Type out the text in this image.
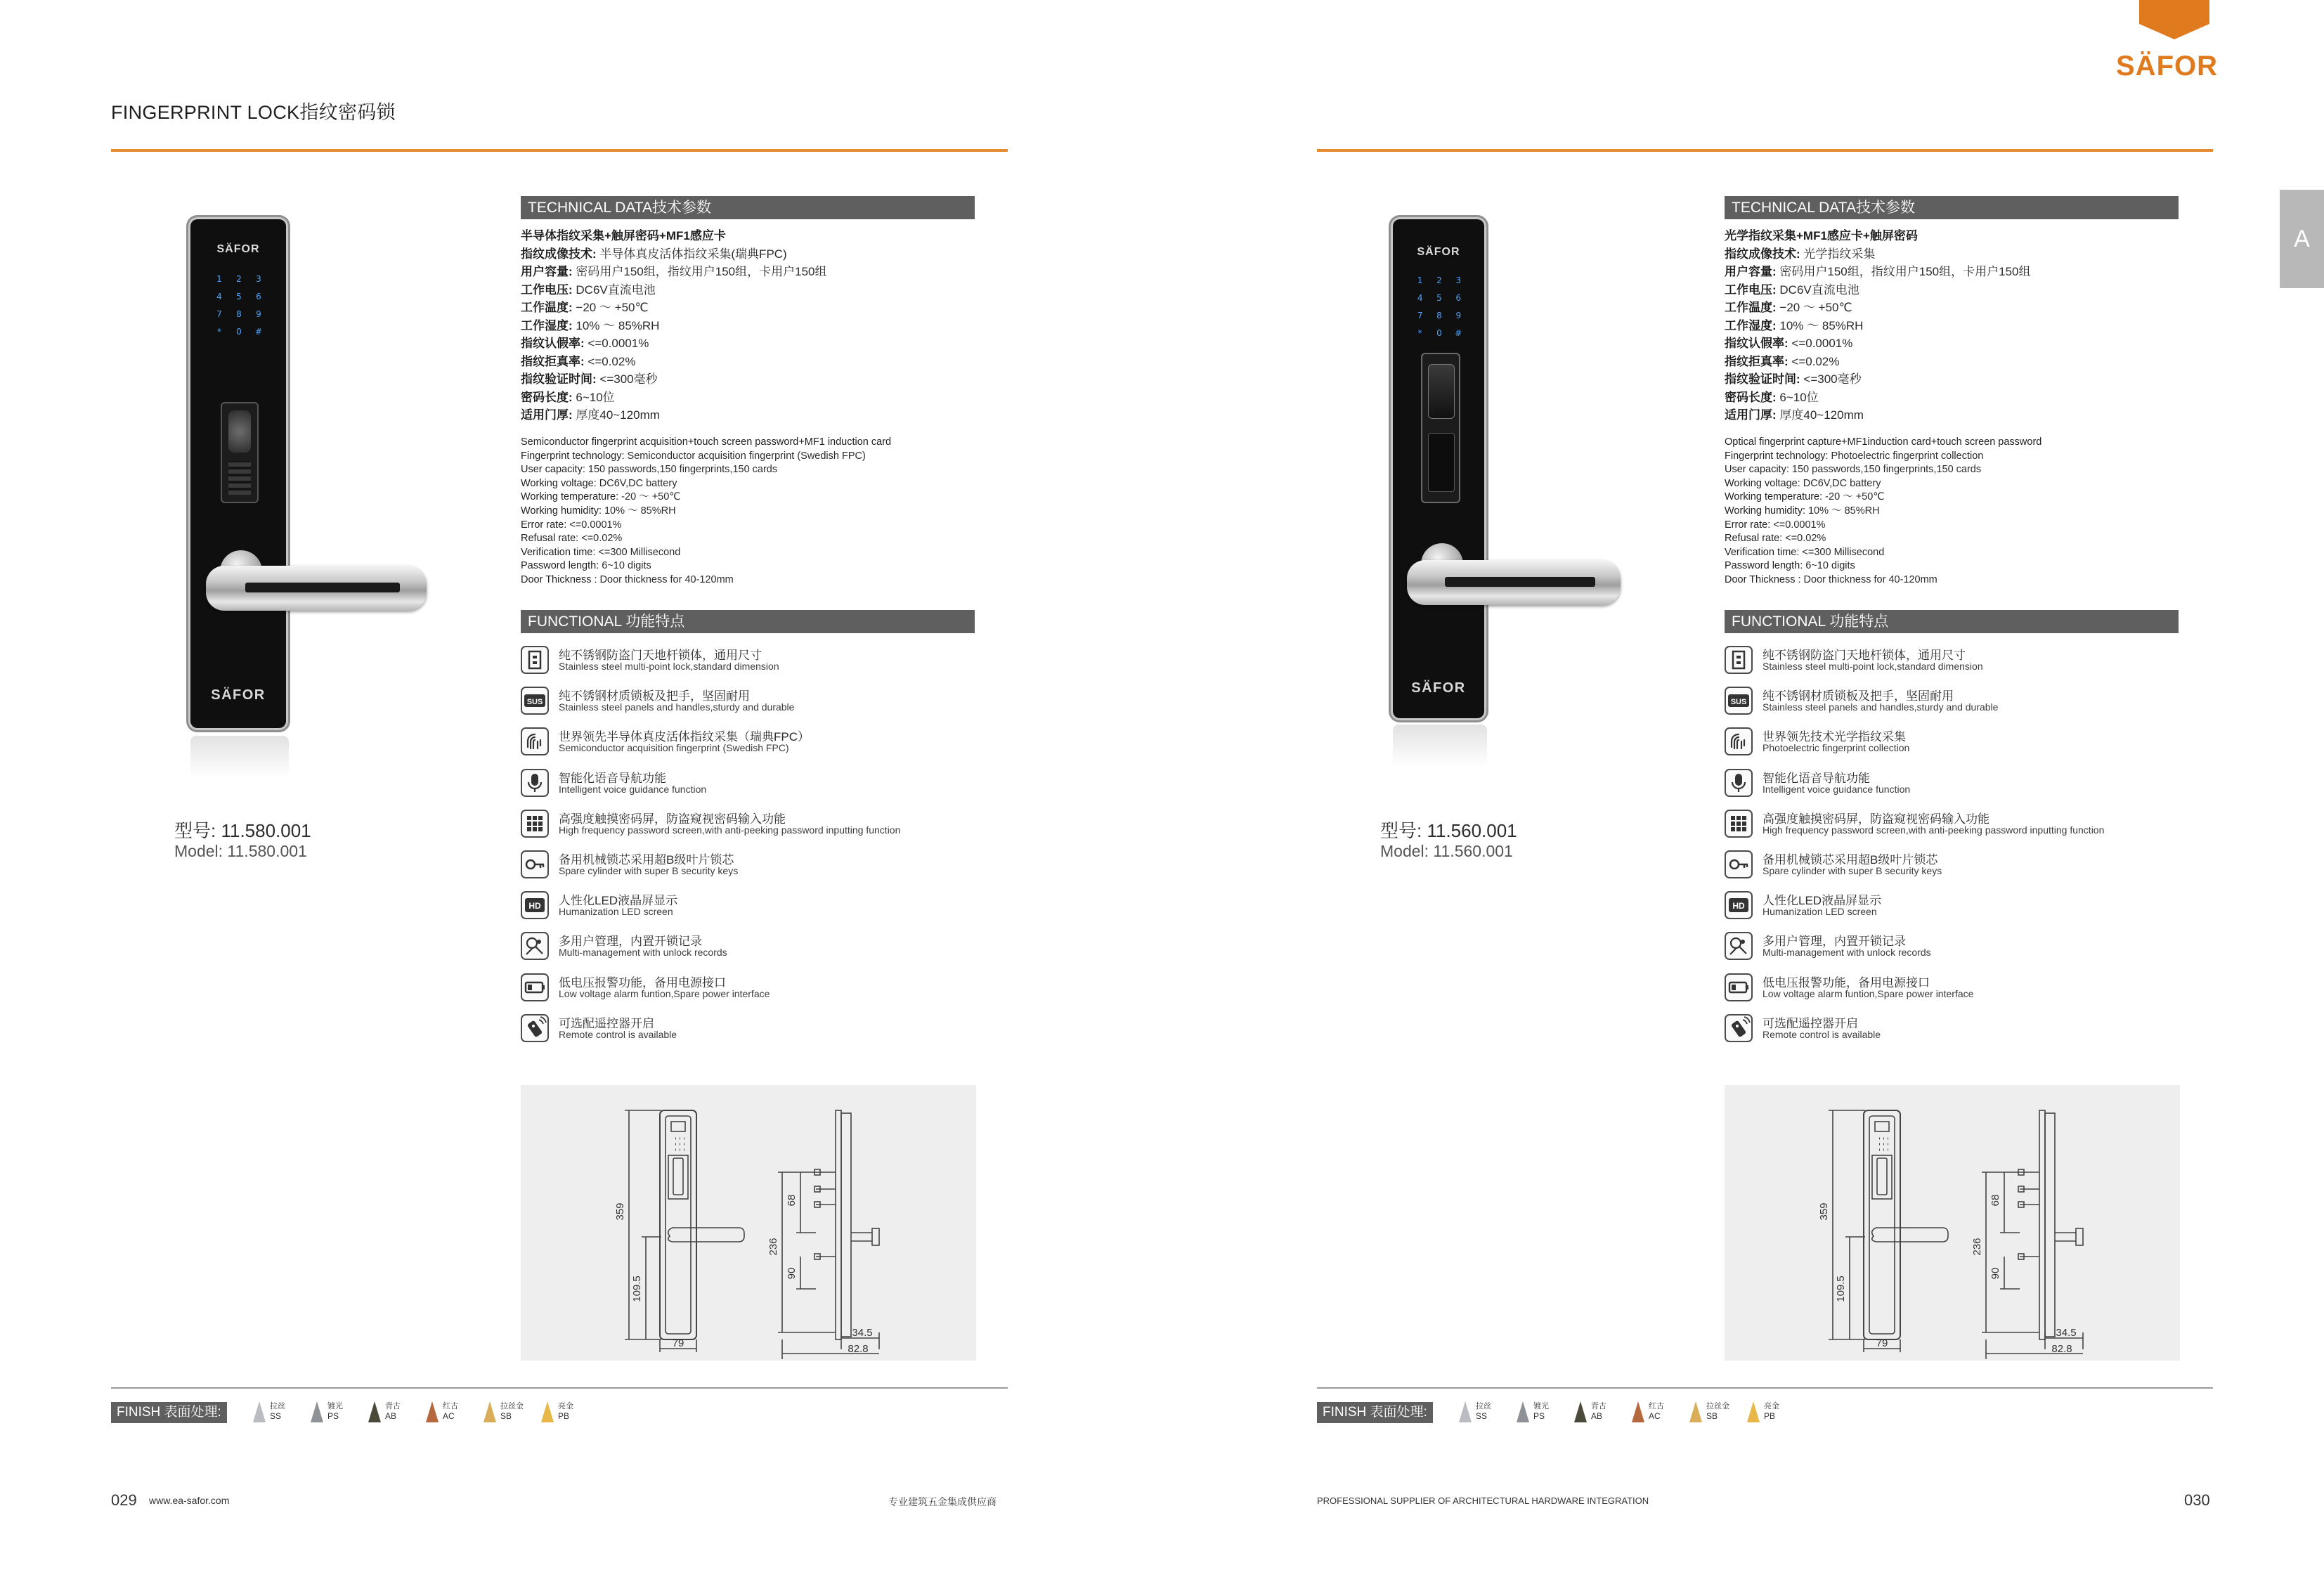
FINGERPRINT LOCK指纹密码锁
SÄFOR
1	2	3
4	5	6
7	8	9
*	0	#
SÄFOR
型号: 11.580.001
Model: 11.580.001
TECHNICAL DATA技术参数
半导体指纹采集+触屏密码+MF1感应卡
指纹成像技术: 半导体真皮活体指纹采集(瑞典FPC)
用户容量: 密码用户150组，指纹用户150组，卡用户150组
工作电压: DC6V直流电池
工作温度: −20 ～ +50℃
工作湿度: 10% ～ 85%RH
指纹认假率: <=0.0001%
指纹拒真率: <=0.02%
指纹验证时间: <=300毫秒
密码长度: 6~10位
适用门厚: 厚度40~120mm
Semiconductor fingerprint acquisition+touch screen password+MF1 induction card
Fingerprint technology: Semiconductor acquisition fingerprint (Swedish FPC)
User capacity: 150 passwords,150 fingerprints,150 cards
Working voltage: DC6V,DC battery
Working temperature: -20 ～ +50℃
Working humidity: 10% ～ 85%RH
Error rate: <=0.0001%
Refusal rate: <=0.02%
Verification time: <=300 Millisecond
Password length: 6~10 digits
Door Thickness : Door thickness for 40-120mm
FUNCTIONAL 功能特点
纯不锈钢防盗门天地杆锁体，通用尺寸
Stainless steel multi-point lock,standard dimension
SUS 纯不锈钢材质锁板及把手，坚固耐用
Stainless steel panels and handles,sturdy and durable
世界领先半导体真皮活体指纹采集（瑞典FPC）
Semiconductor acquisition fingerprint (Swedish FPC)
智能化语音导航功能
Intelligent voice guidance function
高强度触摸密码屏，防盗窥视密码输入功能
High frequency password screen,with anti-peeking password inputting function
备用机械锁芯采用超B级叶片锁芯
Spare cylinder with super B security keys
HD 人性化LED液晶屏显示
Humanization LED screen
多用户管理，内置开锁记录
Multi-management with unlock records
低电压报警功能，备用电源接口
Low voltage alarm funtion,Spare power interface
可选配遥控器开启
Remote control is available
359
109.5
79
236
68
90
34.5
82.8
FINISH 表面处理:	拉丝
SS
镀光
PS
青古
AB
红古
AC
拉丝金
SB
亮金
PB
029 www.ea-safor.com	专业建筑五金集成供应商
SÄFOR
A
SÄFOR
1	2	3
4	5	6
7	8	9
*	0	#
SÄFOR
型号: 11.560.001
Model: 11.560.001
TECHNICAL DATA技术参数
光学指纹采集+MF1感应卡+触屏密码
指纹成像技术: 光学指纹采集
用户容量: 密码用户150组，指纹用户150组，卡用户150组
工作电压: DC6V直流电池
工作温度: −20 ～ +50℃
工作湿度: 10% ～ 85%RH
指纹认假率: <=0.0001%
指纹拒真率: <=0.02%
指纹验证时间: <=300毫秒
密码长度: 6~10位
适用门厚: 厚度40~120mm
Optical fingerprint capture+MF1induction card+touch screen password
Fingerprint technology: Photoelectric fingerprint collection
User capacity: 150 passwords,150 fingerprints,150 cards
Working voltage: DC6V,DC battery
Working temperature: -20 ～ +50℃
Working humidity: 10% ～ 85%RH
Error rate: <=0.0001%
Refusal rate: <=0.02%
Verification time: <=300 Millisecond
Password length: 6~10 digits
Door Thickness : Door thickness for 40-120mm
FUNCTIONAL 功能特点
纯不锈钢防盗门天地杆锁体，通用尺寸
Stainless steel multi-point lock,standard dimension
SUS 纯不锈钢材质锁板及把手，坚固耐用
Stainless steel panels and handles,sturdy and durable
世界领先技术光学指纹采集
Photoelectric fingerprint collection
智能化语音导航功能
Intelligent voice guidance function
高强度触摸密码屏，防盗窥视密码输入功能
High frequency password screen,with anti-peeking password inputting function
备用机械锁芯采用超B级叶片锁芯
Spare cylinder with super B security keys
HD 人性化LED液晶屏显示
Humanization LED screen
多用户管理，内置开锁记录
Multi-management with unlock records
低电压报警功能，备用电源接口
Low voltage alarm funtion,Spare power interface
可选配遥控器开启
Remote control is available
359
109.5
79
236
68
90
34.5
82.8
FINISH 表面处理:	拉丝
SS
镀光
PS
青古
AB
红古
AC
拉丝金
SB
亮金
PB
PROFESSIONAL SUPPLIER OF ARCHITECTURAL HARDWARE INTEGRATION	030
